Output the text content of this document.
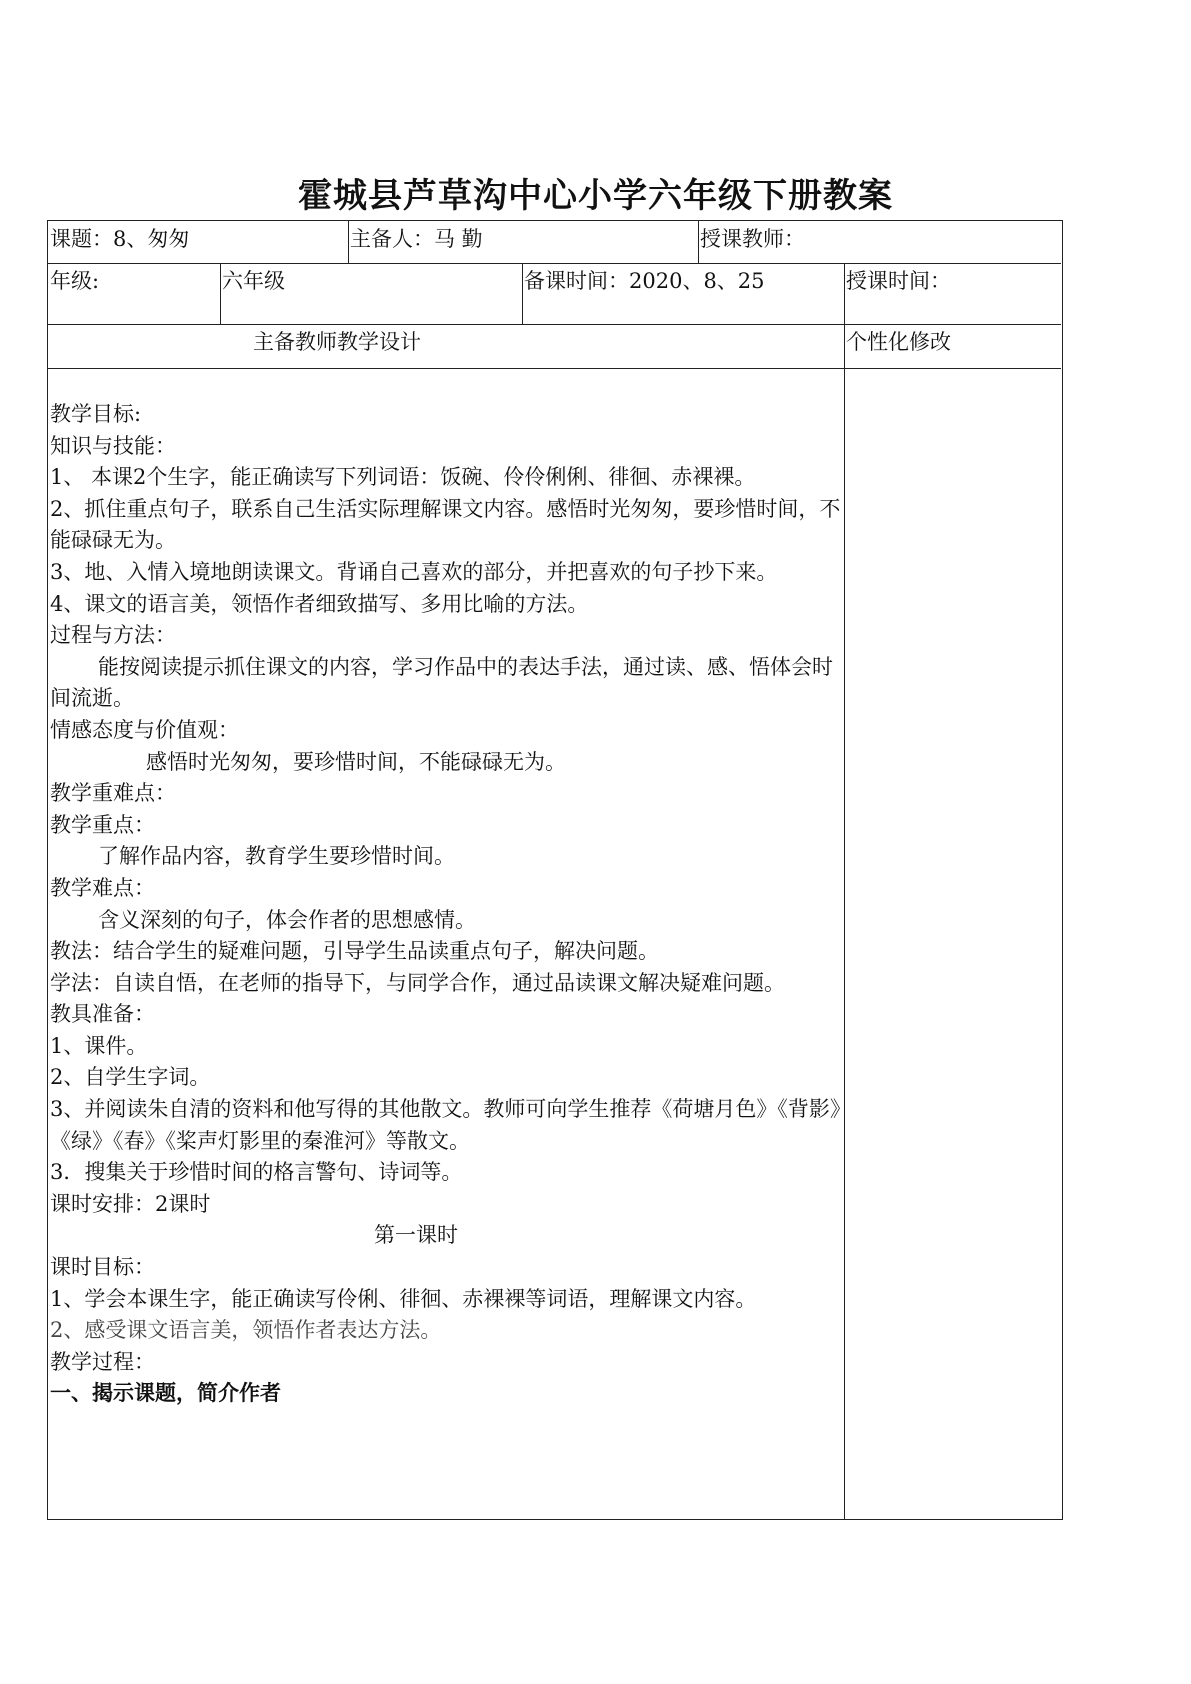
霍城县芦草沟中心小学六年级下册教案
课题：8、匆匆	主备人：马 勤	授课教师：
年级:	六年级	备课时间：2020、8、25	授课时间：
主备教师教学设计	个性化修改

教学目标:

知识与技能：

1、 本课2个生字，能正确读写下列词语：饭碗、伶伶俐俐、徘徊、赤裸裸。

2、抓住重点句子，联系自己生活实际理解课文内容。感悟时光匆匆，要珍惜时间，不能碌碌无为。

3、地、入情入境地朗读课文。背诵自己喜欢的部分，并把喜欢的句子抄下来。

4、课文的语言美，领悟作者细致描写、多用比喻的方法。

过程与方法：

能按阅读提示抓住课文的内容，学习作品中的表达手法，通过读、感、悟体会时间流逝。

情感态度与价值观：

感悟时光匆匆，要珍惜时间，不能碌碌无为。

教学重难点：

教学重点：

了解作品内容，教育学生要珍惜时间。

教学难点：

含义深刻的句子，体会作者的思想感情。

教法：结合学生的疑难问题，引导学生品读重点句子，解决问题。

学法：自读自悟，在老师的指导下，与同学合作，通过品读课文解决疑难问题。

教具准备：

1、课件。

2、自学生字词。

3、并阅读朱自清的资料和他写得的其他散文。教师可向学生推荐《荷塘月色》《背影》《绿》《春》《桨声灯影里的秦淮河》等散文。

3．搜集关于珍惜时间的格言警句、诗词等。

课时安排：2课时

第一课时

课时目标：

1、学会本课生字，能正确读写伶俐、徘徊、赤裸裸等词语，理解课文内容。

2、感受课文语言美，领悟作者表达方法。

教学过程：

一、揭示课题，简介作者
